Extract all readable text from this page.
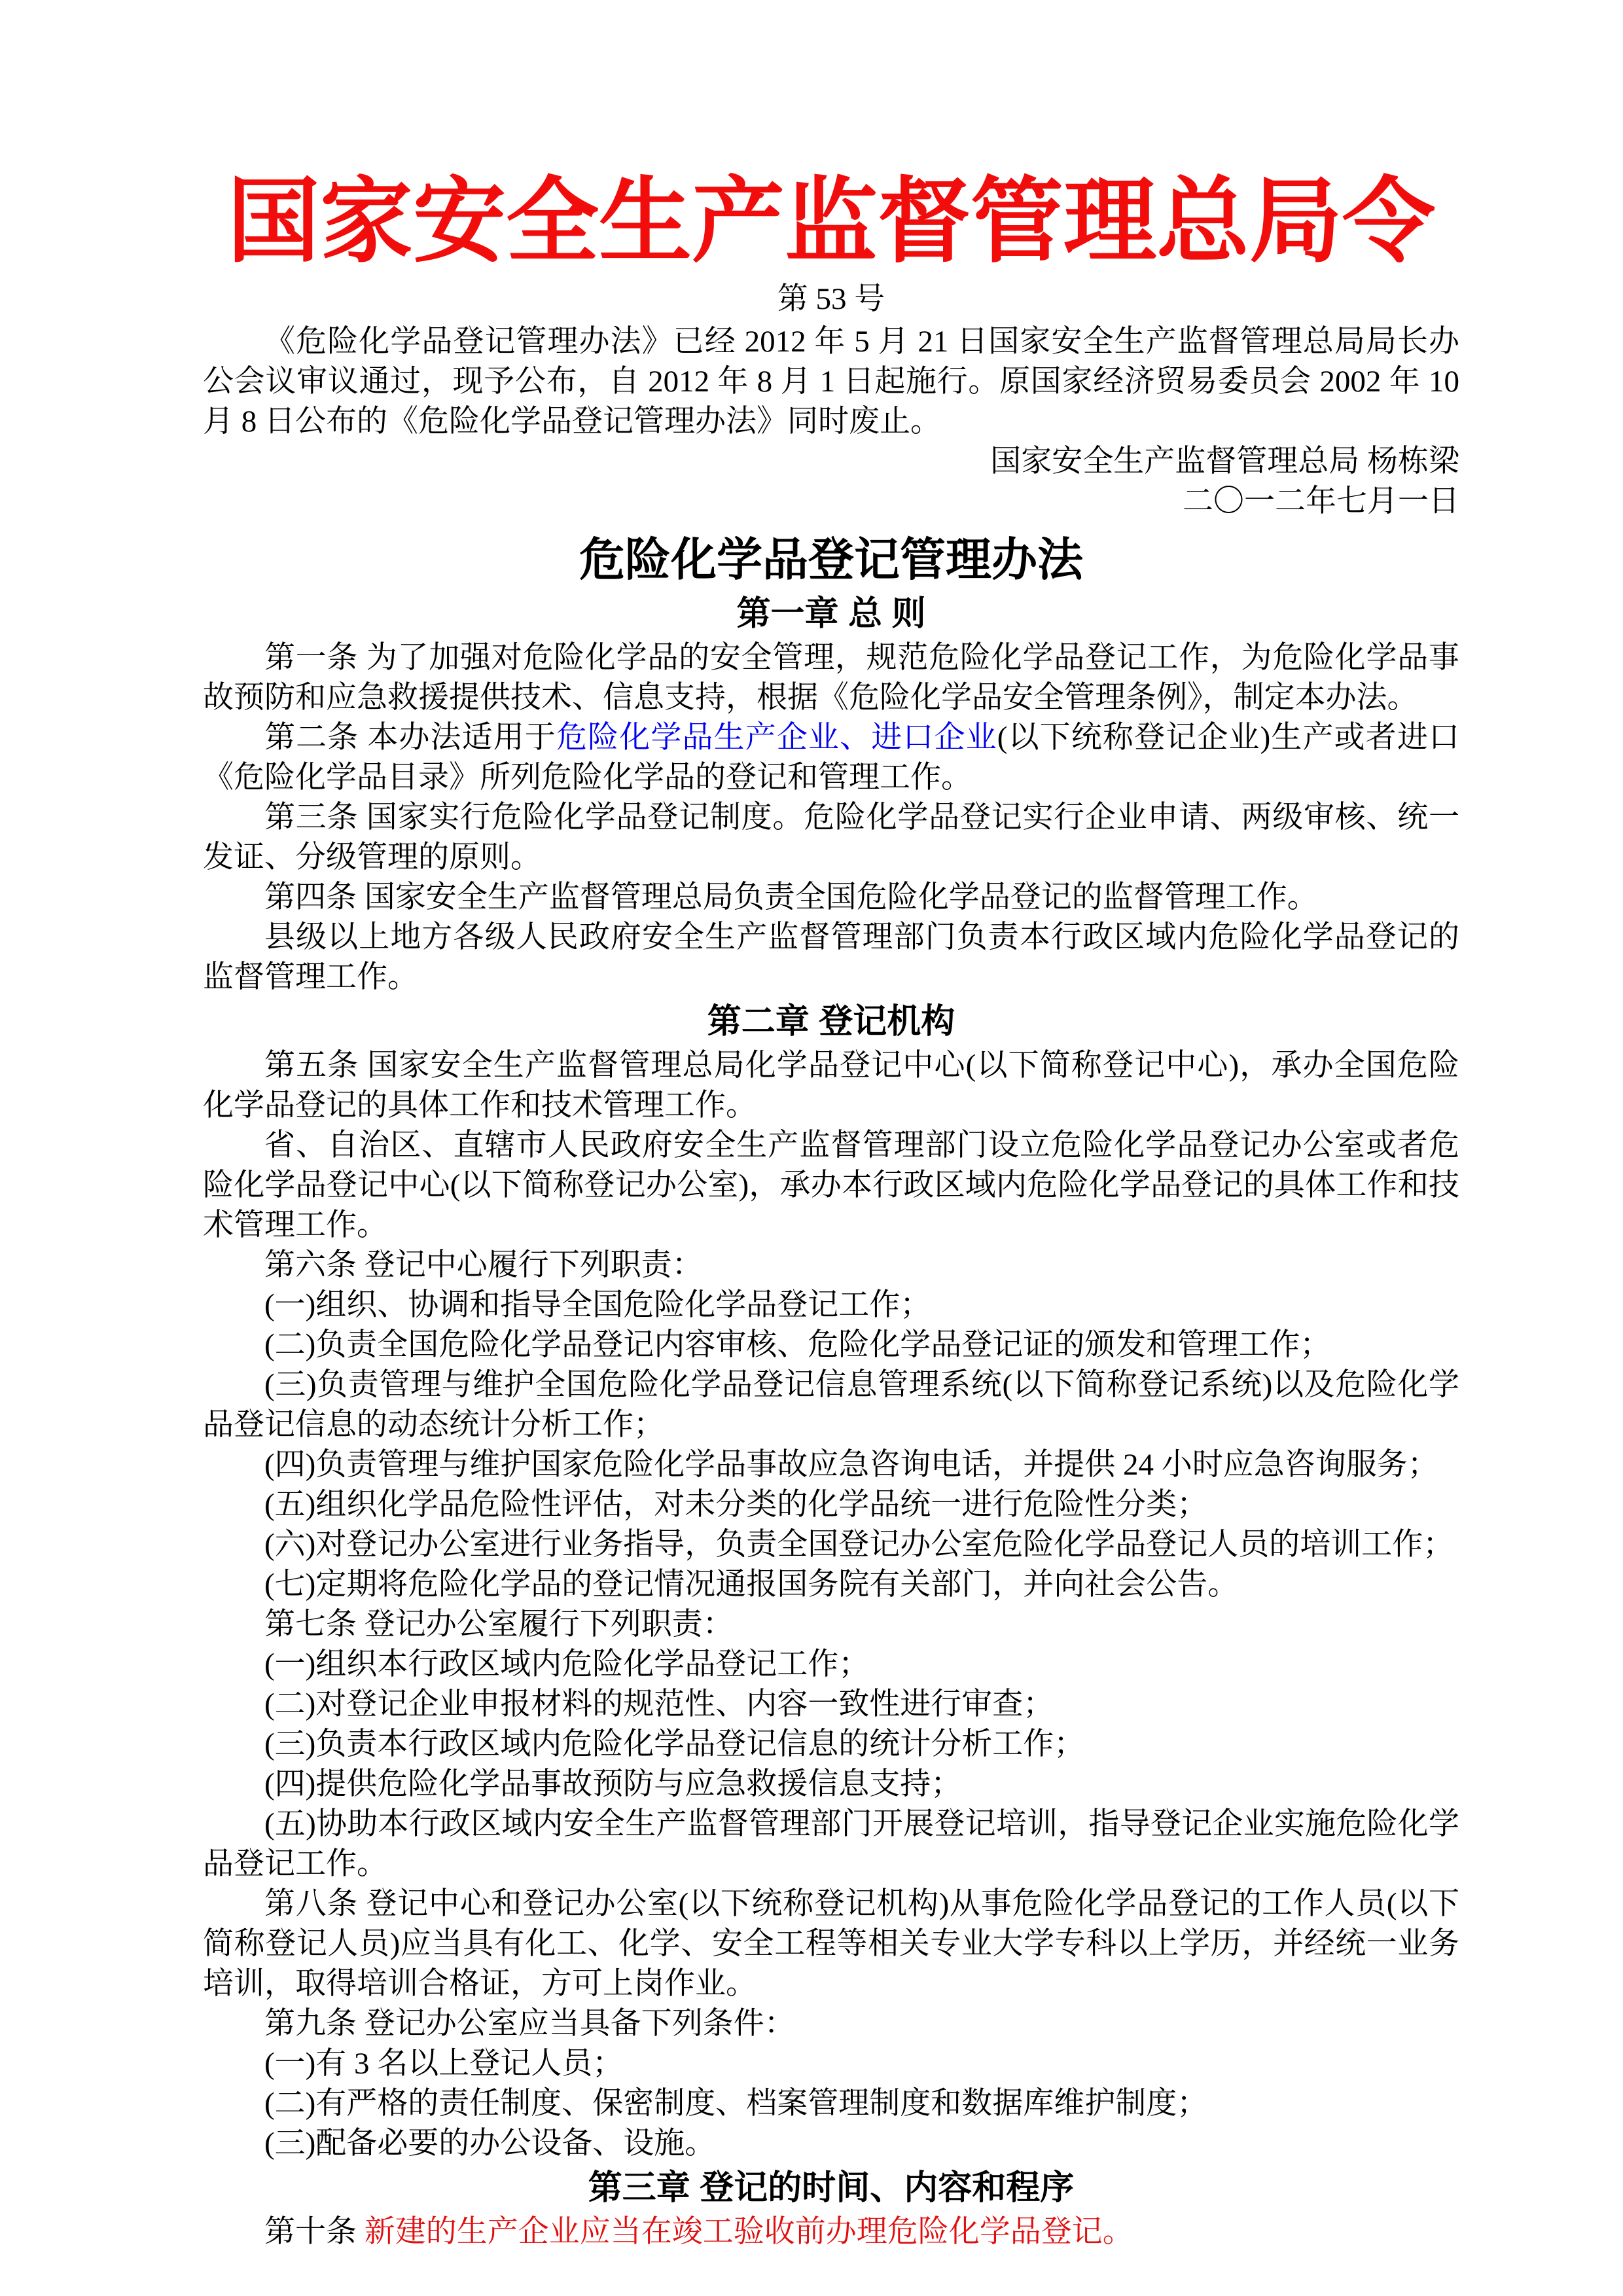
国家安全生产监督管理总局令
第 53 号

《危险化学品登记管理办法》已经 2012 年 5 月 21 日国家安全生产监督管理总局局长办公会议审议通过，现予公布，自 2012 年 8 月 1 日起施行。原国家经济贸易委员会 2002 年 10 月 8 日公布的《危险化学品登记管理办法》同时废止。

国家安全生产监督管理总局 杨栋梁

二〇一二年七月一日

危险化学品登记管理办法
第一章 总 则

第一条 为了加强对危险化学品的安全管理，规范危险化学品登记工作，为危险化学品事故预防和应急救援提供技术、信息支持，根据《危险化学品安全管理条例》，制定本办法。

第二条 本办法适用于危险化学品生产企业、进口企业(以下统称登记企业)生产或者进口《危险化学品目录》所列危险化学品的登记和管理工作。

第三条 国家实行危险化学品登记制度。危险化学品登记实行企业申请、两级审核、统一发证、分级管理的原则。

第四条 国家安全生产监督管理总局负责全国危险化学品登记的监督管理工作。

县级以上地方各级人民政府安全生产监督管理部门负责本行政区域内危险化学品登记的监督管理工作。

第二章 登记机构

第五条 国家安全生产监督管理总局化学品登记中心(以下简称登记中心)，承办全国危险化学品登记的具体工作和技术管理工作。

省、自治区、直辖市人民政府安全生产监督管理部门设立危险化学品登记办公室或者危险化学品登记中心(以下简称登记办公室)，承办本行政区域内危险化学品登记的具体工作和技术管理工作。

第六条 登记中心履行下列职责：

(一)组织、协调和指导全国危险化学品登记工作；

(二)负责全国危险化学品登记内容审核、危险化学品登记证的颁发和管理工作；

(三)负责管理与维护全国危险化学品登记信息管理系统(以下简称登记系统)以及危险化学品登记信息的动态统计分析工作；

(四)负责管理与维护国家危险化学品事故应急咨询电话，并提供 24 小时应急咨询服务；

(五)组织化学品危险性评估，对未分类的化学品统一进行危险性分类；

(六)对登记办公室进行业务指导，负责全国登记办公室危险化学品登记人员的培训工作；

(七)定期将危险化学品的登记情况通报国务院有关部门，并向社会公告。

第七条 登记办公室履行下列职责：

(一)组织本行政区域内危险化学品登记工作；

(二)对登记企业申报材料的规范性、内容一致性进行审查；

(三)负责本行政区域内危险化学品登记信息的统计分析工作；

(四)提供危险化学品事故预防与应急救援信息支持；

(五)协助本行政区域内安全生产监督管理部门开展登记培训，指导登记企业实施危险化学品登记工作。

第八条 登记中心和登记办公室(以下统称登记机构)从事危险化学品登记的工作人员(以下简称登记人员)应当具有化工、化学、安全工程等相关专业大学专科以上学历，并经统一业务培训，取得培训合格证，方可上岗作业。

第九条 登记办公室应当具备下列条件：

(一)有 3 名以上登记人员；

(二)有严格的责任制度、保密制度、档案管理制度和数据库维护制度；

(三)配备必要的办公设备、设施。

第三章 登记的时间、内容和程序

第十条 新建的生产企业应当在竣工验收前办理危险化学品登记。
